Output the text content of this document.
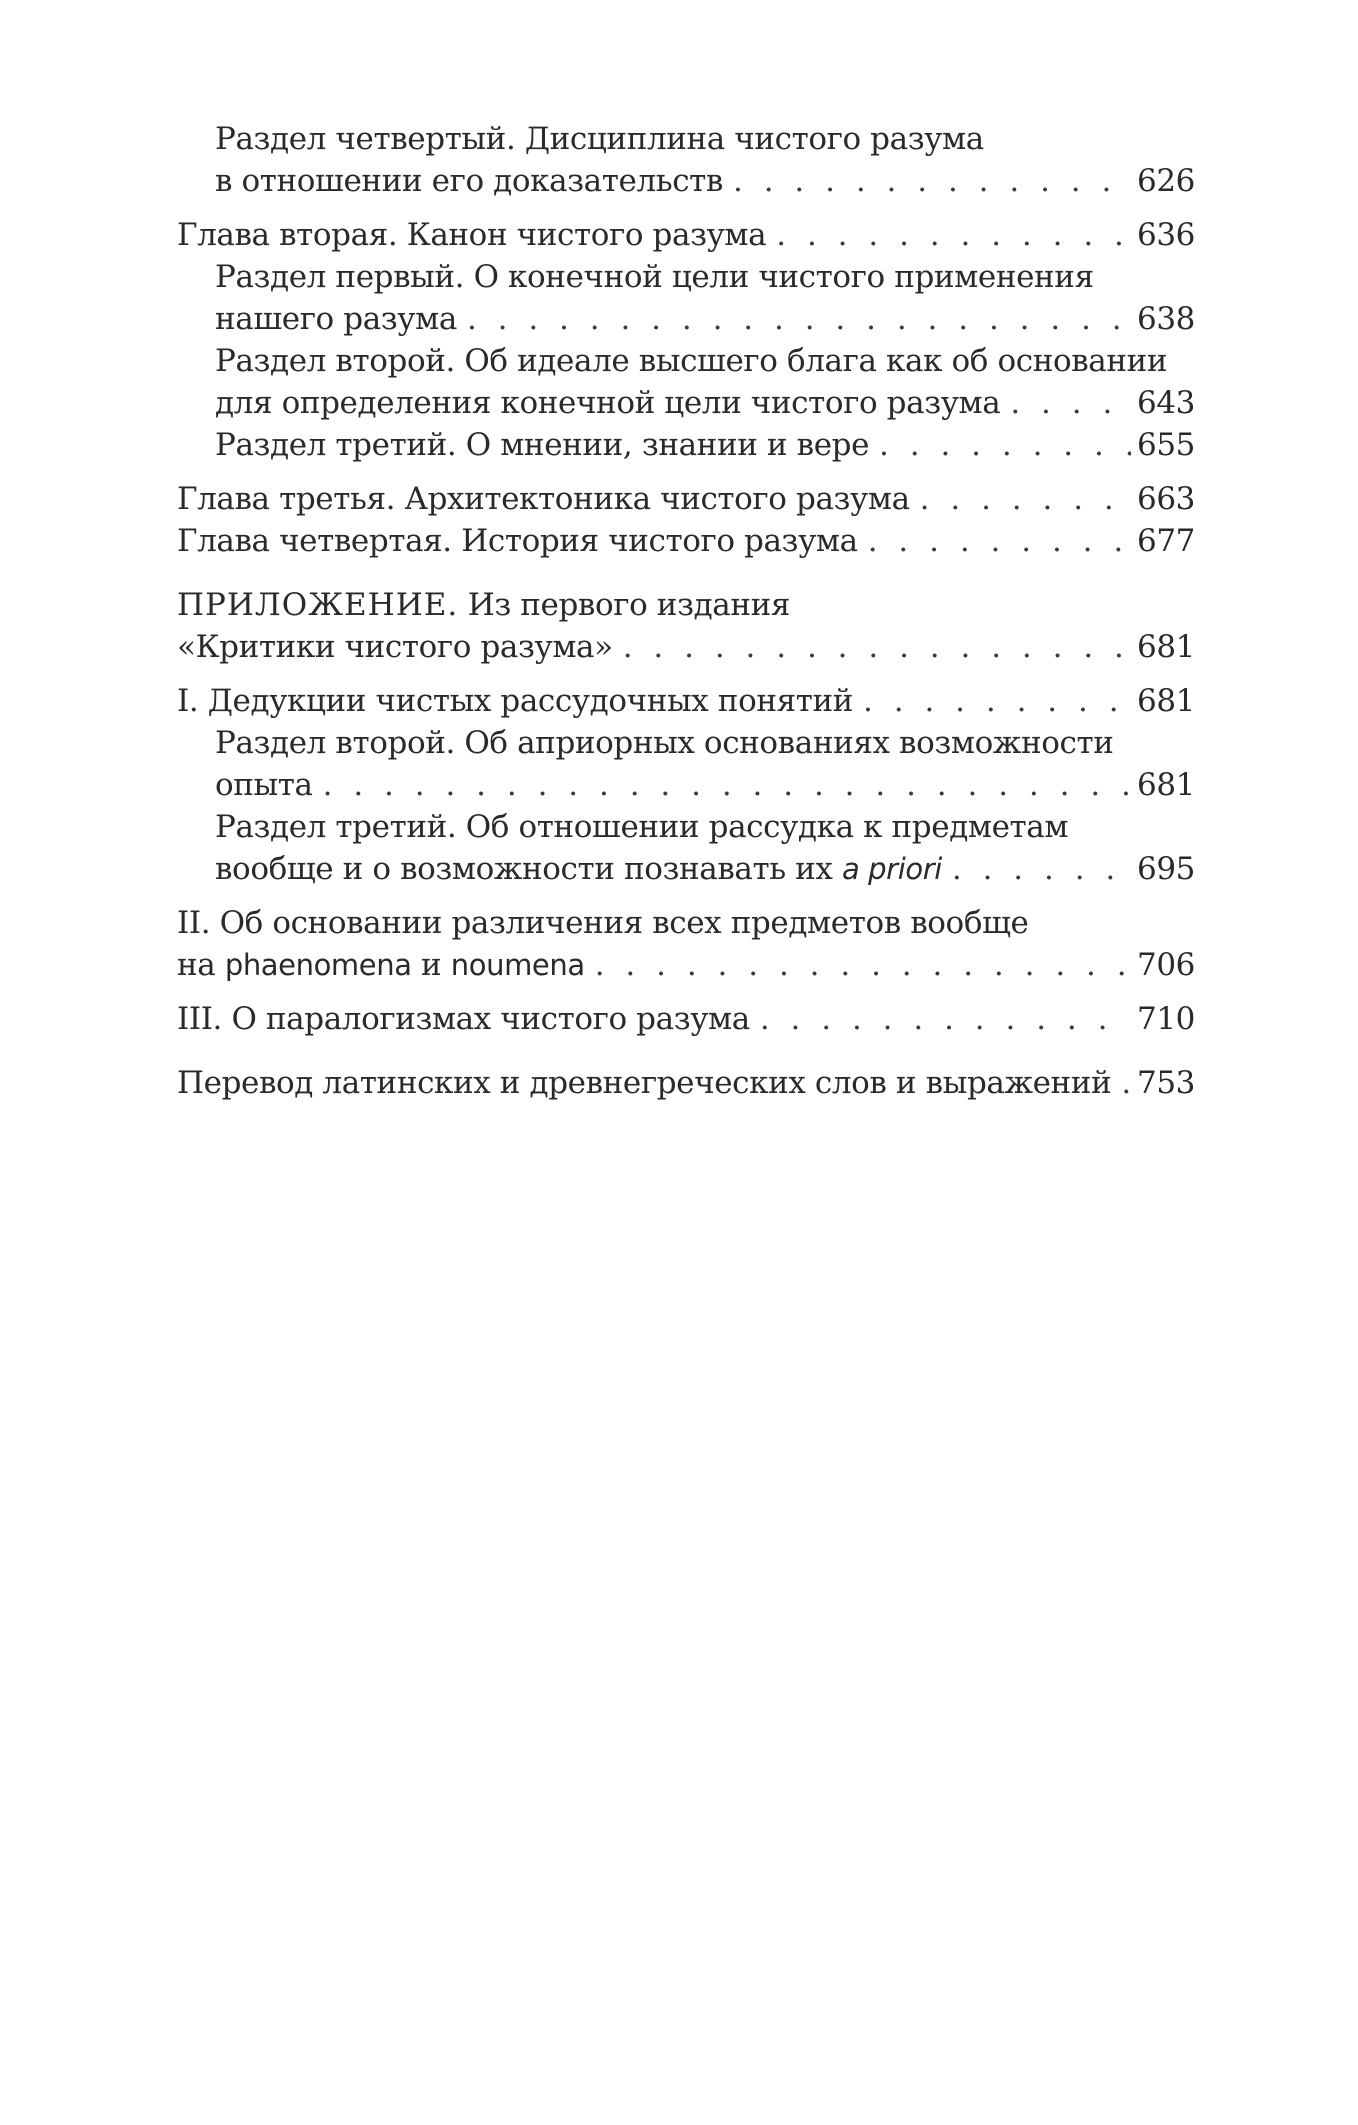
Раздел четвертый. Дисциплина чистого разума
в отношении его доказательств . . .	626
Глава вторая. Канон чистого разума . . .	636
Раздел первый. О конечной цели чистого применения
нашего разума . . .	638
Раздел второй. Об идеале высшего блага как об основании
для определения конечной цели чистого разума . . .	643
Раздел третий. О мнении, знании и вере . . .	655
Глава третья. Архитектоника чистого разума . . .	663
Глава четвертая. История чистого разума . . .	677
ПРИЛОЖЕНИЕ. Из первого издания
«Критики чистого разума» . . .	681
I. Дедукции чистых рассудочных понятий . . .	681
Раздел второй. Об априорных основаниях возможности
опыта . . .	681
Раздел третий. Об отношении рассудка к предметам
вообще и о возможности познавать их a priori . . .	695
II. Об основании различения всех предметов вообще
на phaenomena и noumena . . .	706
III. О паралогизмах чистого разума . . .	710
Перевод латинских и древнегреческих слов и выражений . . . 753
